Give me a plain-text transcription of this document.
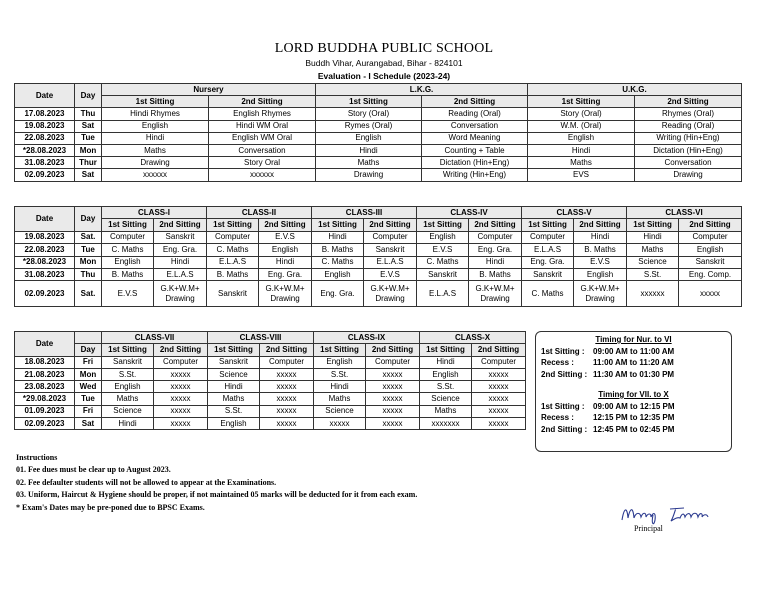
LORD BUDDHA PUBLIC SCHOOL
Buddh Vihar, Aurangabad, Bihar - 824101
Evaluation - I Schedule (2023-24)
Date	Day	Nursery		L.K.G.		U.K.G.	
		1st Sitting	2nd Sitting	1st Sitting	2nd Sitting	1st Sitting	2nd Sitting
17.08.2023	Thu	Hindi Rhymes	English Rhymes	Story (Oral)	Reading (Oral)	Story (Oral)	Rhymes (Oral)
19.08.2023	Sat	English	Hindi WM Oral	Rymes (Oral)	Conversation	W.M. (Oral)	Reading (Oral)
22.08.2023	Tue	Hindi	English WM Oral	English	Word Meaning	English	Writing (Hin+Eng)
*28.08.2023	Mon	Maths	Conversation	Hindi	Counting + Table	Hindi	Dictation (Hin+Eng)
31.08.2023	Thur	Drawing	Story Oral	Maths	Dictation (Hin+Eng)	Maths	Conversation
02.09.2023	Sat	xxxxxx	xxxxxx	Drawing	Writing (Hin+Eng)	EVS	Drawing
Date	Day	CLASS-I		CLASS-II		CLASS-III		CLASS-IV		CLASS-V		CLASS-VI	
		1st Sitting	2nd Sitting	1st Sitting	2nd Sitting	1st Sitting	2nd Sitting	1st Sitting	2nd Sitting	1st Sitting	2nd Sitting	1st Sitting	2nd Sitting
19.08.2023	Sat.	Computer	Sanskrit	Computer	E.V.S	Hindi	Computer	English	Computer	Computer	Hindi	Hindi	Computer
22.08.2023	Tue	C. Maths	Eng. Gra.	C. Maths	English	B. Maths	Sanskrit	E.V.S	Eng. Gra.	E.L.A.S	B. Maths	Maths	English
*28.08.2023	Mon	English	Hindi	E.L.A.S	Hindi	C. Maths	E.L.A.S	C. Maths	Hindi	Eng. Gra.	E.V.S	Science	Sanskrit
31.08.2023	Thu	B. Maths	E.L.A.S	B. Maths	Eng. Gra.	English	E.V.S	Sanskrit	B. Maths	Sanskrit	English	S.St.	Eng. Comp.
02.09.2023	Sat.	E.V.S	G.K+W.M+ Drawing	Sanskrit	G.K+W.M+ Drawing	Eng. Gra.	G.K+W.M+ Drawing	E.L.A.S	G.K+W.M+ Drawing	C. Maths	G.K+W.M+ Drawing	xxxxxx	xxxxx
Date		CLASS-VII		CLASS-VIII		CLASS-IX		CLASS-X	
	Day	1st Sitting	2nd Sitting	1st Sitting	2nd Sitting	1st Sitting	2nd Sitting	1st Sitting	2nd Sitting
18.08.2023	Fri	Sanskrit	Computer	Sanskrit	Computer	English	Computer	Hindi	Computer
21.08.2023	Mon	S.St.	xxxxx	Science	xxxxx	S.St.	xxxxx	English	xxxxx
23.08.2023	Wed	English	xxxxx	Hindi	xxxxx	Hindi	xxxxx	S.St.	xxxxx
*29.08.2023	Tue	Maths	xxxxx	Maths	xxxxx	Maths	xxxxx	Science	xxxxx
01.09.2023	Fri	Science	xxxxx	S.St.	xxxxx	Science	xxxxx	Maths	xxxxx
02.09.2023	Sat	Hindi	xxxxx	English	xxxxx	xxxxx	xxxxx	xxxxxxx	xxxxx
Timing for Nur. to VI
1st Sitting : 09:00 AM to 11:00 AM
Recess : 11:00 AM to 11:20 AM
2nd Sitting : 11:30 AM to 01:30 PM
Timing for VII. to X
1st Sitting : 09:00 AM to 12:15 PM
Recess : 12:15 PM to 12:35 PM
2nd Sitting : 12:45 PM to 02:45 PM
Instructions
01. Fee dues must be clear up to August 2023.
02. Fee defaulter students will not be allowed to appear at the Examinations.
03. Uniform, Haircut & Hygiene should be proper, if not maintained 05 marks will be deducted for it from each exam.
* Exam's Dates may be pre-poned due to BPSC Exams.
Principal
